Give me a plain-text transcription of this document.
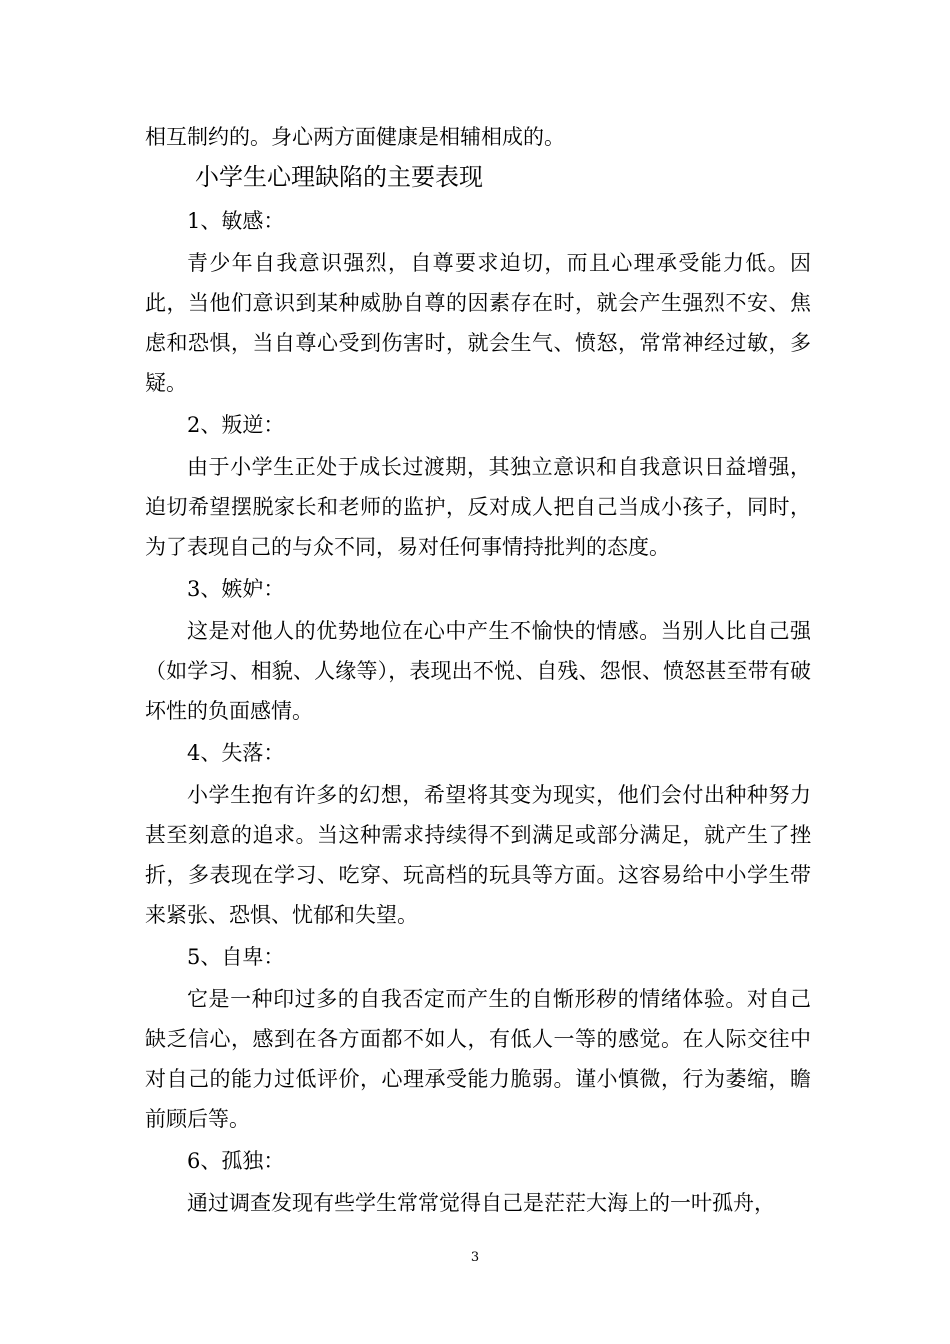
相互制约的。身心两方面健康是相辅相成的。
小学生心理缺陷的主要表现
1、敏感：

青少年自我意识强烈，自尊要求迫切，而且心理承受能力低。因此，当他们意识到某种威胁自尊的因素存在时，就会产生强烈不安、焦虑和恐惧，当自尊心受到伤害时，就会生气、愤怒，常常神经过敏，多疑。

2、叛逆：

由于小学生正处于成长过渡期，其独立意识和自我意识日益增强，迫切希望摆脱家长和老师的监护，反对成人把自己当成小孩子，同时，为了表现自己的与众不同，易对任何事情持批判的态度。

3、嫉妒：

这是对他人的优势地位在心中产生不愉快的情感。当别人比自己强（如学习、相貌、人缘等），表现出不悦、自残、怨恨、愤怒甚至带有破坏性的负面感情。

4、失落：

小学生抱有许多的幻想，希望将其变为现实，他们会付出种种努力甚至刻意的追求。当这种需求持续得不到满足或部分满足，就产生了挫折，多表现在学习、吃穿、玩高档的玩具等方面。这容易给中小学生带来紧张、恐惧、忧郁和失望。

5、自卑：

它是一种印过多的自我否定而产生的自惭形秽的情绪体验。对自己缺乏信心，感到在各方面都不如人，有低人一等的感觉。在人际交往中对自己的能力过低评价，心理承受能力脆弱。谨小慎微，行为萎缩，瞻前顾后等。

6、孤独：

通过调查发现有些学生常常觉得自己是茫茫大海上的一叶孤舟，

3
